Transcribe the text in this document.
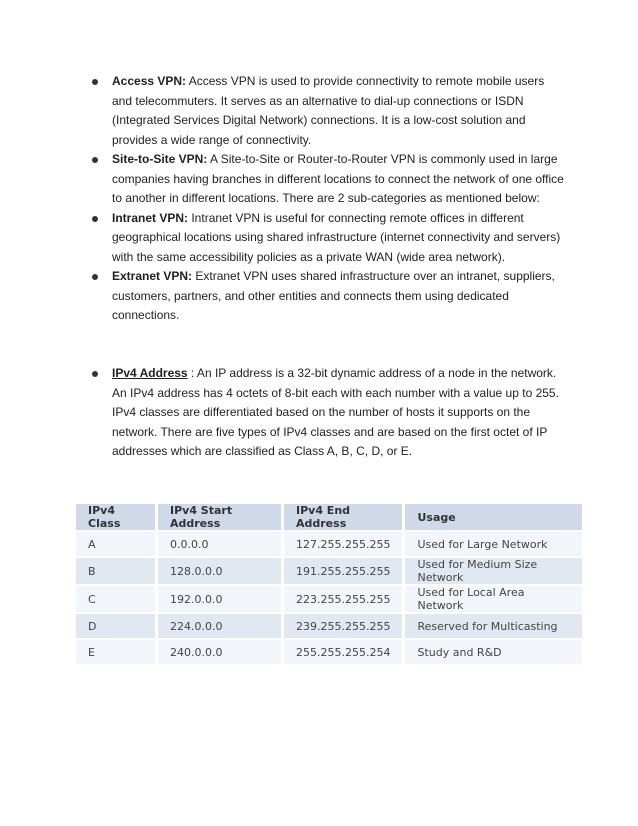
Access VPN: Access VPN is used to provide connectivity to remote mobile users and telecommuters. It serves as an alternative to dial-up connections or ISDN (Integrated Services Digital Network) connections. It is a low-cost solution and provides a wide range of connectivity.
Site-to-Site VPN: A Site-to-Site or Router-to-Router VPN is commonly used in large companies having branches in different locations to connect the network of one office to another in different locations. There are 2 sub-categories as mentioned below:
Intranet VPN: Intranet VPN is useful for connecting remote offices in different geographical locations using shared infrastructure (internet connectivity and servers) with the same accessibility policies as a private WAN (wide area network).
Extranet VPN: Extranet VPN uses shared infrastructure over an intranet, suppliers, customers, partners, and other entities and connects them using dedicated connections.
IPv4 Address : An IP address is a 32-bit dynamic address of a node in the network. An IPv4 address has 4 octets of 8-bit each with each number with a value up to 255. IPv4 classes are differentiated based on the number of hosts it supports on the network. There are five types of IPv4 classes and are based on the first octet of IP addresses which are classified as Class A, B, C, D, or E.
IPv4 Class	IPv4 Start Address	IPv4 End Address	Usage
A	0.0.0.0	127.255.255.255	Used for Large Network
B	128.0.0.0	191.255.255.255	Used for Medium Size Network
C	192.0.0.0	223.255.255.255	Used for Local Area Network
D	224.0.0.0	239.255.255.255	Reserved for Multicasting
E	240.0.0.0	255.255.255.254	Study and R&D
